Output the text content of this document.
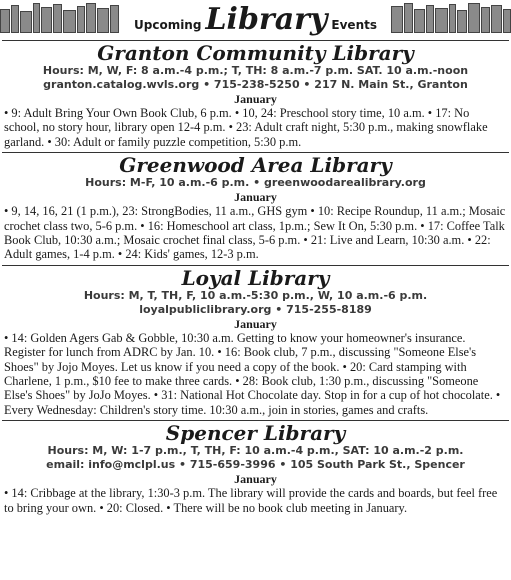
Upcoming Library Events
Granton Community Library
Hours: M, W, F: 8 a.m.-4 p.m.; T, TH: 8 a.m.-7 p.m. SAT. 10 a.m.-noon
granton.catalog.wvls.org • 715-238-5250 • 217 N. Main St., Granton
January
• 9: Adult Bring Your Own Book Club, 6 p.m. • 10, 24: Preschool story time, 10 a.m. • 17: No school, no story hour, library open 12-4 p.m. • 23: Adult craft night, 5:30 p.m., making snowflake garland. • 30: Adult or family puzzle competition, 5:30 p.m.
Greenwood Area Library
Hours: M-F, 10 a.m.-6 p.m. • greenwoodarealibrary.org
January
• 9, 14, 16, 21 (1 p.m.), 23: StrongBodies, 11 a.m., GHS gym • 10: Recipe Roundup, 11 a.m.; Mosaic crochet class two, 5-6 p.m. • 16: Homeschool art class, 1p.m.; Sew It On, 5:30 p.m. • 17: Coffee Talk Book Club, 10:30 a.m.; Mosaic crochet final class, 5-6 p.m. • 21: Live and Learn, 10:30 a.m. • 22: Adult games, 1-4 p.m. • 24: Kids' games, 12-3 p.m.
Loyal Library
Hours: M, T, TH, F, 10 a.m.-5:30 p.m., W, 10 a.m.-6 p.m.
loyalpubliclibrary.org • 715-255-8189
January
• 14: Golden Agers Gab & Gobble, 10:30 a.m. Getting to know your homeowner's insurance. Register for lunch from ADRC by Jan. 10. • 16: Book club, 7 p.m., discussing "Someone Else's Shoes" by Jojo Moyes. Let us know if you need a copy of the book. • 20: Card stamping with Charlene, 1 p.m., $10 fee to make three cards. • 28: Book club, 1:30 p.m., discussing "Someone Else's Shoes" by JoJo Moyes. • 31: National Hot Chocolate day. Stop in for a cup of hot chocolate. • Every Wednesday: Children's story time. 10:30 a.m., join in stories, games and crafts.
Spencer Library
Hours: M, W: 1-7 p.m., T, TH, F: 10 a.m.-4 p.m., SAT: 10 a.m.-2 p.m.
email: info@mclpl.us • 715-659-3996 • 105 South Park St., Spencer
January
• 14: Cribbage at the library, 1:30-3 p.m. The library will provide the cards and boards, but feel free to bring your own. • 20: Closed. • There will be no book club meeting in January.
